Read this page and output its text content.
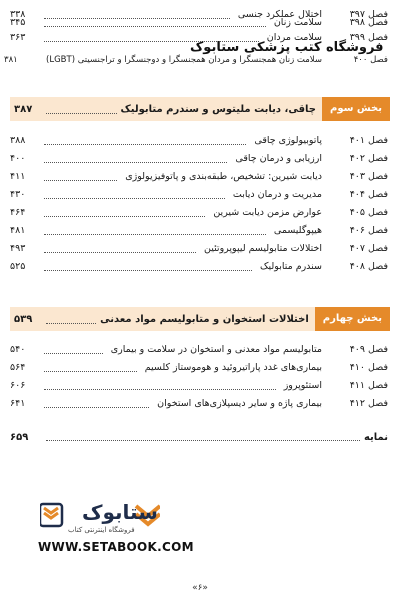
فصل ۳۹۷
اختلال عملکرد جنسی
۳۳۸
فصل ۳۹۸
سلامت زنان
۳۴۵
فصل ۳۹۹
سلامت مردان
۳۶۳
فصل ۴۰۰
سلامت زنان همجنسگرا و مردان همجنسگرا و دوجنسگرا و تراجنسیتی (LGBT)
۳۸۱
فروشگاه کتب پزشکی ستابوک
بخش سوم
چاقی، دیابت ملیتوس و سندرم متابولیک
۳۸۷
فصل ۴۰۱
پاتوبیولوژی چاقی
۳۸۸
فصل ۴۰۲
ارزیابی و درمان چاقی
۴۰۰
فصل ۴۰۳
دیابت شیرین: تشخیص، طبقه‌بندی و پاتوفیزیولوژی
۴۱۱
فصل ۴۰۴
مدیریت و درمان دیابت
۴۳۰
فصل ۴۰۵
عوارض مزمن دیابت شیرین
۴۶۴
فصل ۴۰۶
هیپوگلیسمی
۴۸۱
فصل ۴۰۷
اختلالات متابولیسم لیپوپروتئین
۴۹۳
فصل ۴۰۸
سندرم متابولیک
۵۲۵
بخش چهارم
اختلالات استخوان و متابولیسم مواد معدنی
۵۳۹
فصل ۴۰۹
متابولیسم مواد معدنی و استخوان در سلامت و بیماری
۵۴۰
فصل ۴۱۰
بیماری‌های غدد پاراتیروئید و هوموستاز کلسیم
۵۶۴
فصل ۴۱۱
استئوپروز
۶۰۶
فصل ۴۱۲
بیماری پاژه و سایر دیسپلازی‌های استخوان
۶۴۱
نمایه
۶۵۹
ستابوک
فروشگاه اینترنتی کتاب
WWW.SETABOOK.COM
«۶»
